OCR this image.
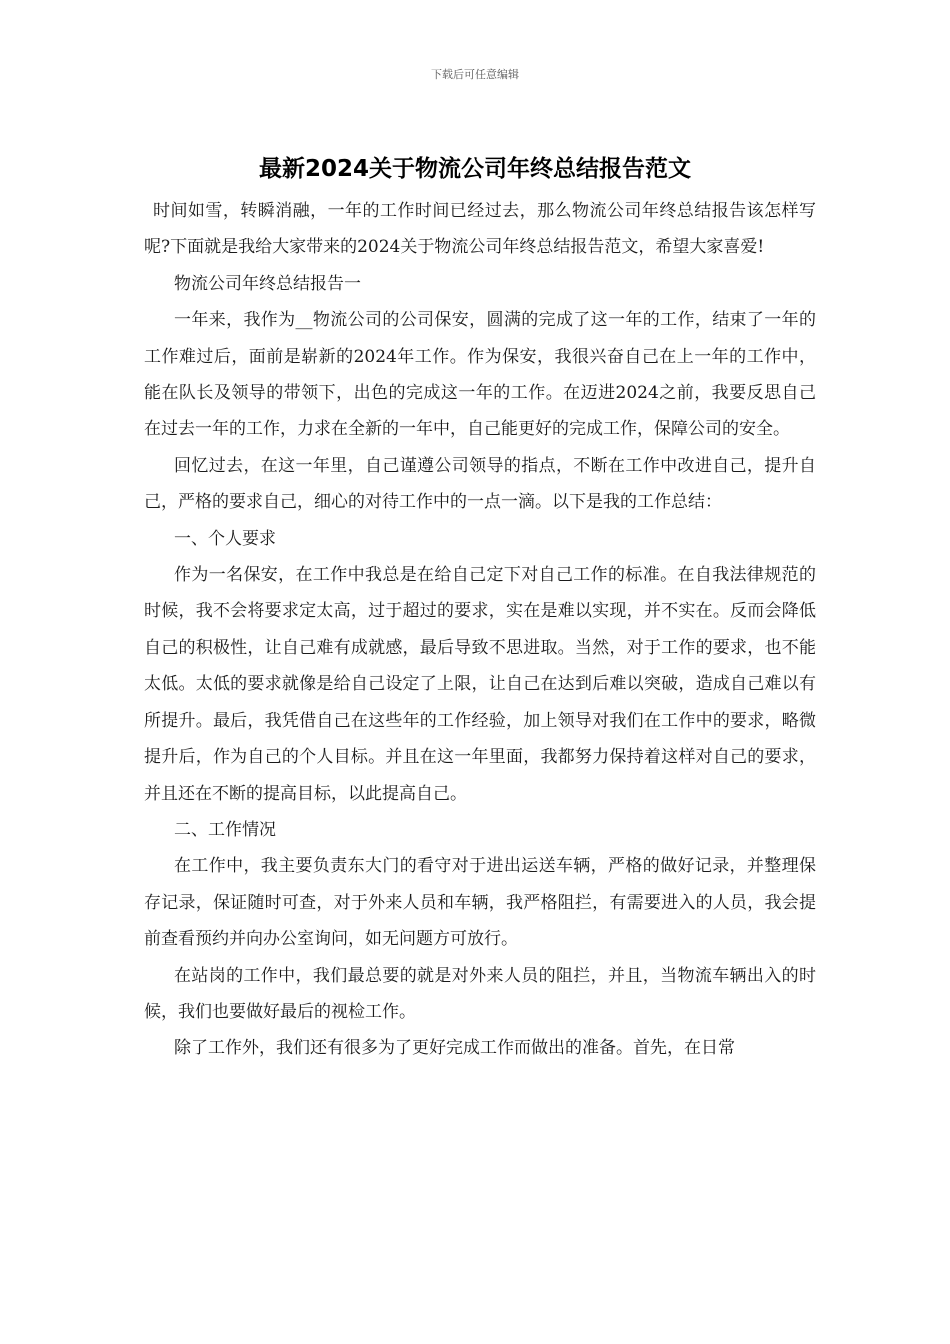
下载后可任意编辑
最新2024关于物流公司年终总结报告范文

时间如雪，转瞬消融，一年的工作时间已经过去，那么物流公司年终总结报告该怎样写呢?下面就是我给大家带来的2024关于物流公司年终总结报告范文，希望大家喜爱!

物流公司年终总结报告一

一年来，我作为__物流公司的公司保安，圆满的完成了这一年的工作，结束了一年的工作难过后，面前是崭新的2024年工作。作为保安，我很兴奋自己在上一年的工作中，能在队长及领导的带领下，出色的完成这一年的工作。在迈进2024之前，我要反思自己在过去一年的工作，力求在全新的一年中，自己能更好的完成工作，保障公司的安全。

回忆过去，在这一年里，自己谨遵公司领导的指点，不断在工作中改进自己，提升自己，严格的要求自己，细心的对待工作中的一点一滴。以下是我的工作总结：

一、个人要求

作为一名保安，在工作中我总是在给自己定下对自己工作的标准。在自我法律规范的时候，我不会将要求定太高，过于超过的要求，实在是难以实现，并不实在。反而会降低自己的积极性，让自己难有成就感，最后导致不思进取。当然，对于工作的要求，也不能太低。太低的要求就像是给自己设定了上限，让自己在达到后难以突破，造成自己难以有所提升。最后，我凭借自己在这些年的工作经验，加上领导对我们在工作中的要求，略微提升后，作为自己的个人目标。并且在这一年里面，我都努力保持着这样对自己的要求，并且还在不断的提高目标，以此提高自己。

二、工作情况

在工作中，我主要负责东大门的看守对于进出运送车辆，严格的做好记录，并整理保存记录，保证随时可查，对于外来人员和车辆，我严格阻拦，有需要进入的人员，我会提前查看预约并向办公室询问，如无问题方可放行。

在站岗的工作中，我们最总要的就是对外来人员的阻拦，并且，当物流车辆出入的时候，我们也要做好最后的视检工作。

除了工作外，我们还有很多为了更好完成工作而做出的准备。首先，在日常
